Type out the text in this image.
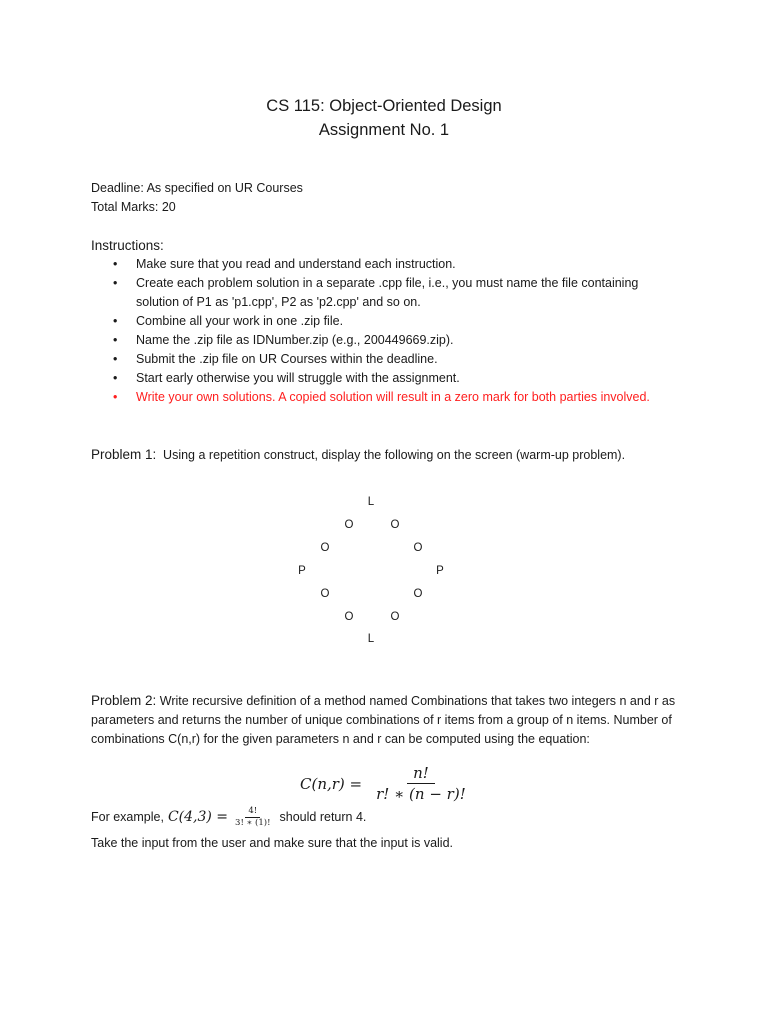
CS 115: Object-Oriented Design
Assignment No. 1
Deadline: As specified on UR Courses
Total Marks: 20
Instructions:
• Make sure that you read and understand each instruction.
• Create each problem solution in a separate .cpp file, i.e., you must name the file containing solution of P1 as 'p1.cpp', P2 as 'p2.cpp' and so on.
• Combine all your work in one .zip file.
• Name the .zip file as IDNumber.zip (e.g., 200449669.zip).
• Submit the .zip file on UR Courses within the deadline.
• Start early otherwise you will struggle with the assignment.
• Write your own solutions. A copied solution will result in a zero mark for both parties involved.
Problem 1: Using a repetition construct, display the following on the screen (warm-up problem).
L
O	O
O	O
P	P
O	O
O	O
L
Problem 2: Write recursive definition of a method named Combinations that takes two integers n and r as parameters and returns the number of unique combinations of r items from a group of n items. Number of combinations C(n,r) for the given parameters n and r can be computed using the equation:
$C(n,r) = \frac{n!}{r! ∗ (n - r)!}$
For example, $C(4,3) = \frac{4!}{3! ∗ (1)!}$ should return 4.
Take the input from the user and make sure that the input is valid.
